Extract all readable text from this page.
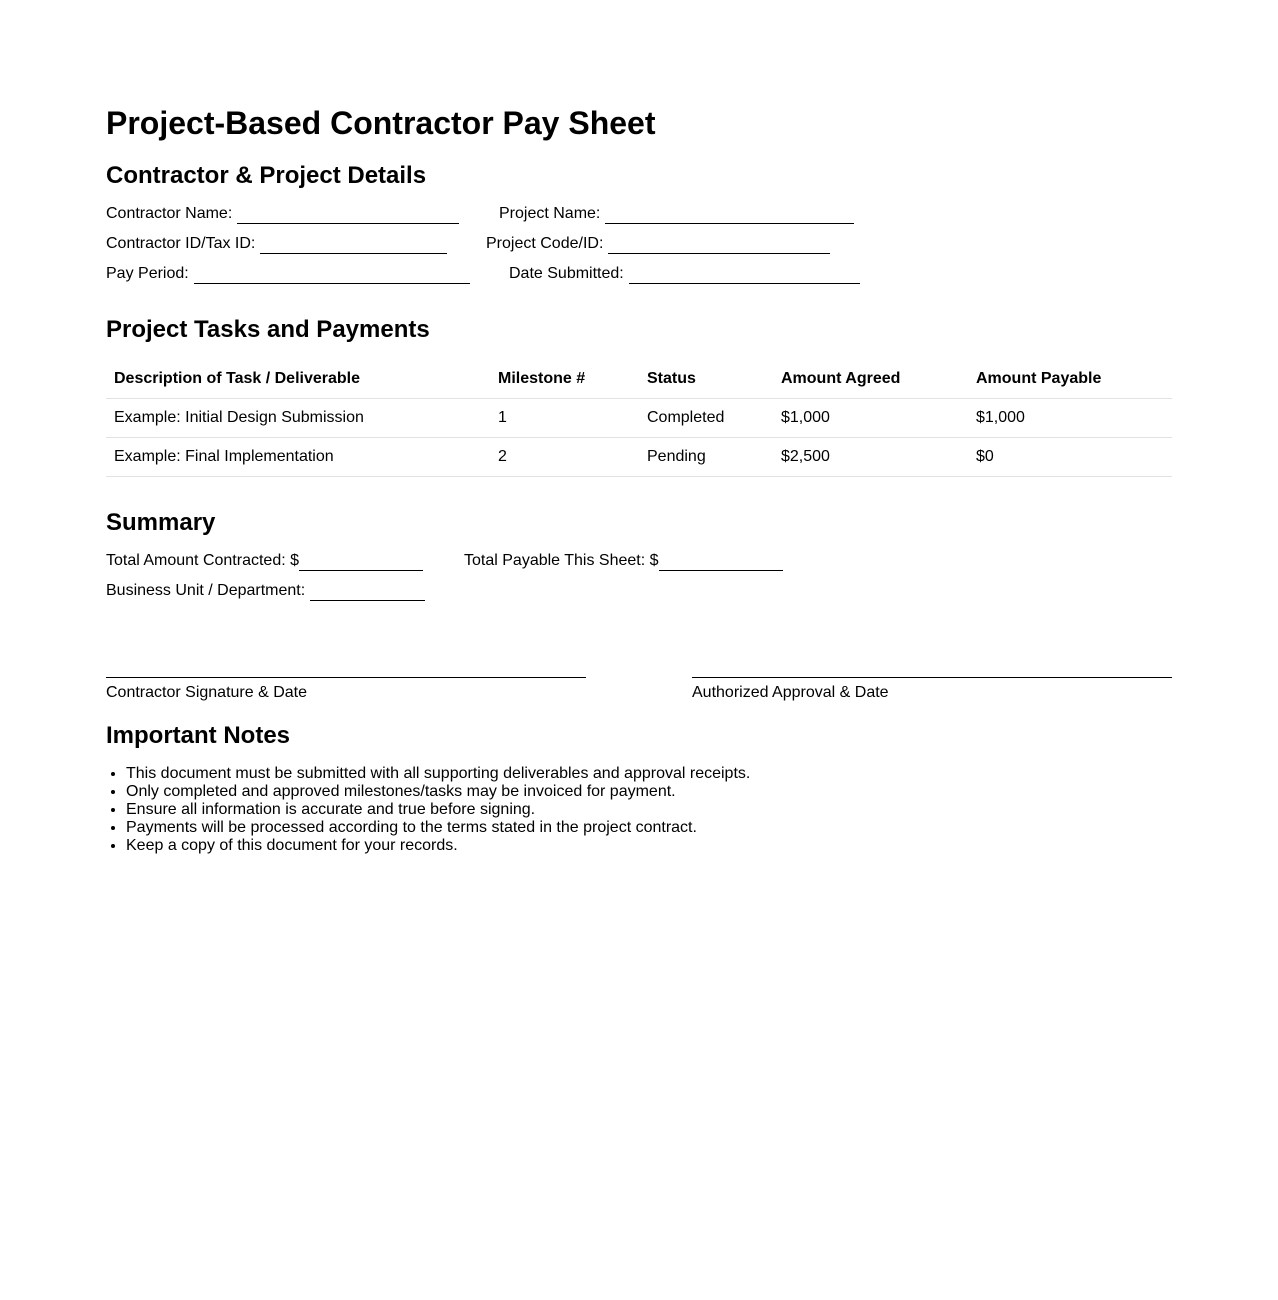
Project-Based Contractor Pay Sheet
Contractor & Project Details
Contractor Name:	Project Name:
Contractor ID/Tax ID:	Project Code/ID:
Pay Period:	Date Submitted:
Project Tasks and Payments
Description of Task / Deliverable	Milestone #	Status	Amount Agreed	Amount Payable
Example: Initial Design Submission	1	Completed	$1,000	$1,000
Example: Final Implementation	2	Pending	$2,500	$0
Summary
Total Amount Contracted: $	Total Payable This Sheet: $
Business Unit / Department:
Contractor Signature & Date	Authorized Approval & Date
Important Notes
• This document must be submitted with all supporting deliverables and approval receipts.
• Only completed and approved milestones/tasks may be invoiced for payment.
• Ensure all information is accurate and true before signing.
• Payments will be processed according to the terms stated in the project contract.
• Keep a copy of this document for your records.
